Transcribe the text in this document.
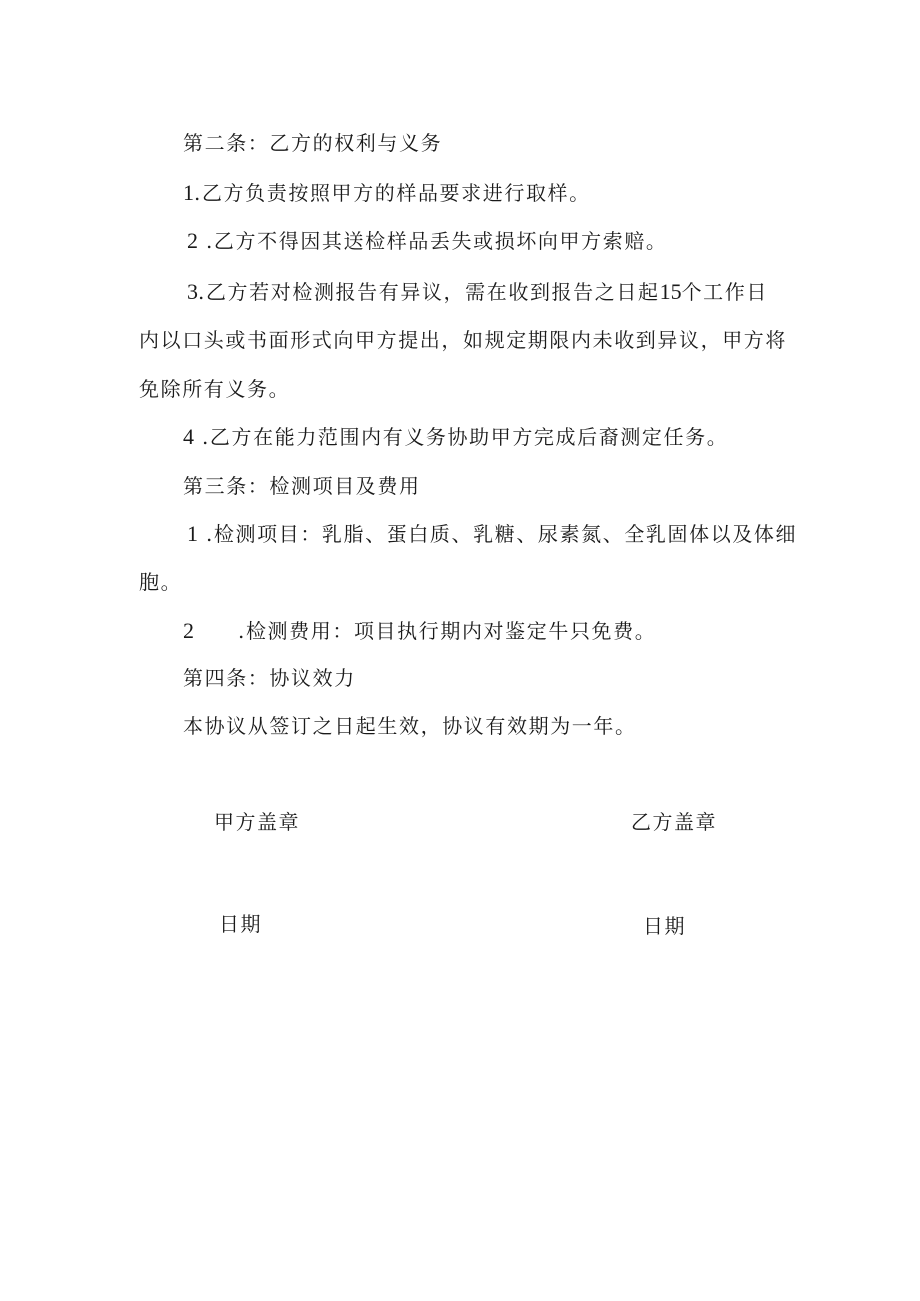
第二条：乙方的权利与义务
1.乙方负责按照甲方的样品要求进行取样。
2 .乙方不得因其送检样品丢失或损坏向甲方索赔。
3.乙方若对检测报告有异议，需在收到报告之日起15个工作日
内以口头或书面形式向甲方提出，如规定期限内未收到异议，甲方将
免除所有义务。
4 .乙方在能力范围内有义务协助甲方完成后裔测定任务。
第三条：检测项目及费用
1 .检测项目：乳脂、蛋白质、乳糖、尿素氮、全乳固体以及体细
胞。
2 .检测费用：项目执行期内对鉴定牛只免费。
第四条：协议效力
本协议从签订之日起生效，协议有效期为一年。
甲方盖章	乙方盖章
日期	日期
